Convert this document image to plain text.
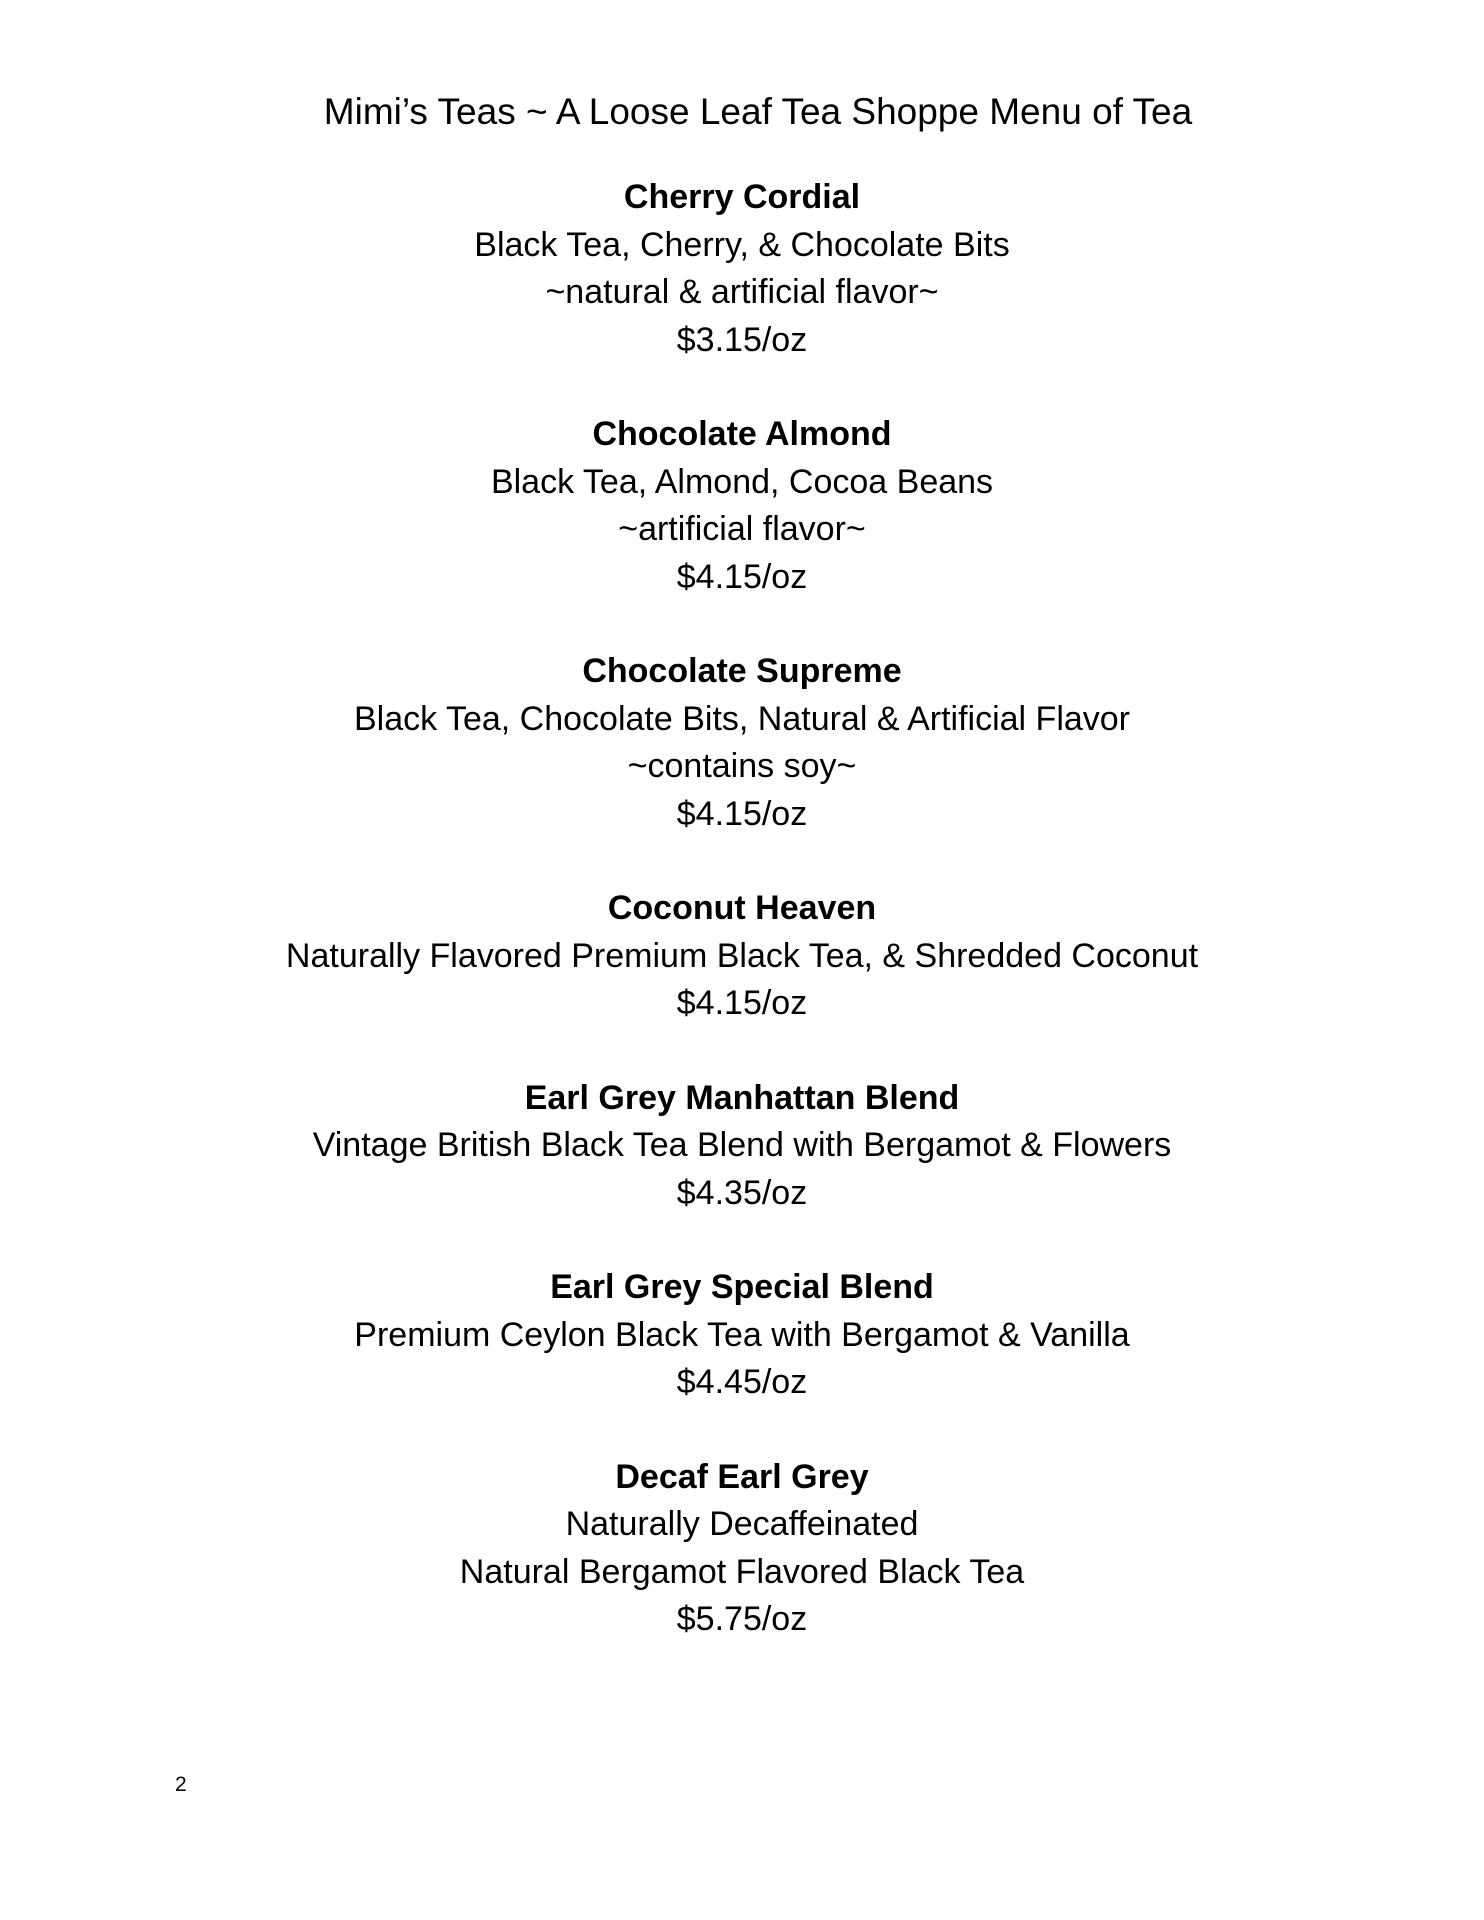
Mimi’s Teas ~ A Loose Leaf Tea Shoppe Menu of Tea
Cherry Cordial
Black Tea, Cherry, & Chocolate Bits
~natural & artificial flavor~
$3.15/oz
Chocolate Almond
Black Tea, Almond, Cocoa Beans
~artificial flavor~
$4.15/oz
Chocolate Supreme
Black Tea, Chocolate Bits, Natural & Artificial Flavor
~contains soy~
$4.15/oz
Coconut Heaven
Naturally Flavored Premium Black Tea, & Shredded Coconut
$4.15/oz
Earl Grey Manhattan Blend
Vintage British Black Tea Blend with Bergamot & Flowers
$4.35/oz
Earl Grey Special Blend
Premium Ceylon Black Tea with Bergamot & Vanilla
$4.45/oz
Decaf Earl Grey
Naturally Decaffeinated
Natural Bergamot Flavored Black Tea
$5.75/oz
2
